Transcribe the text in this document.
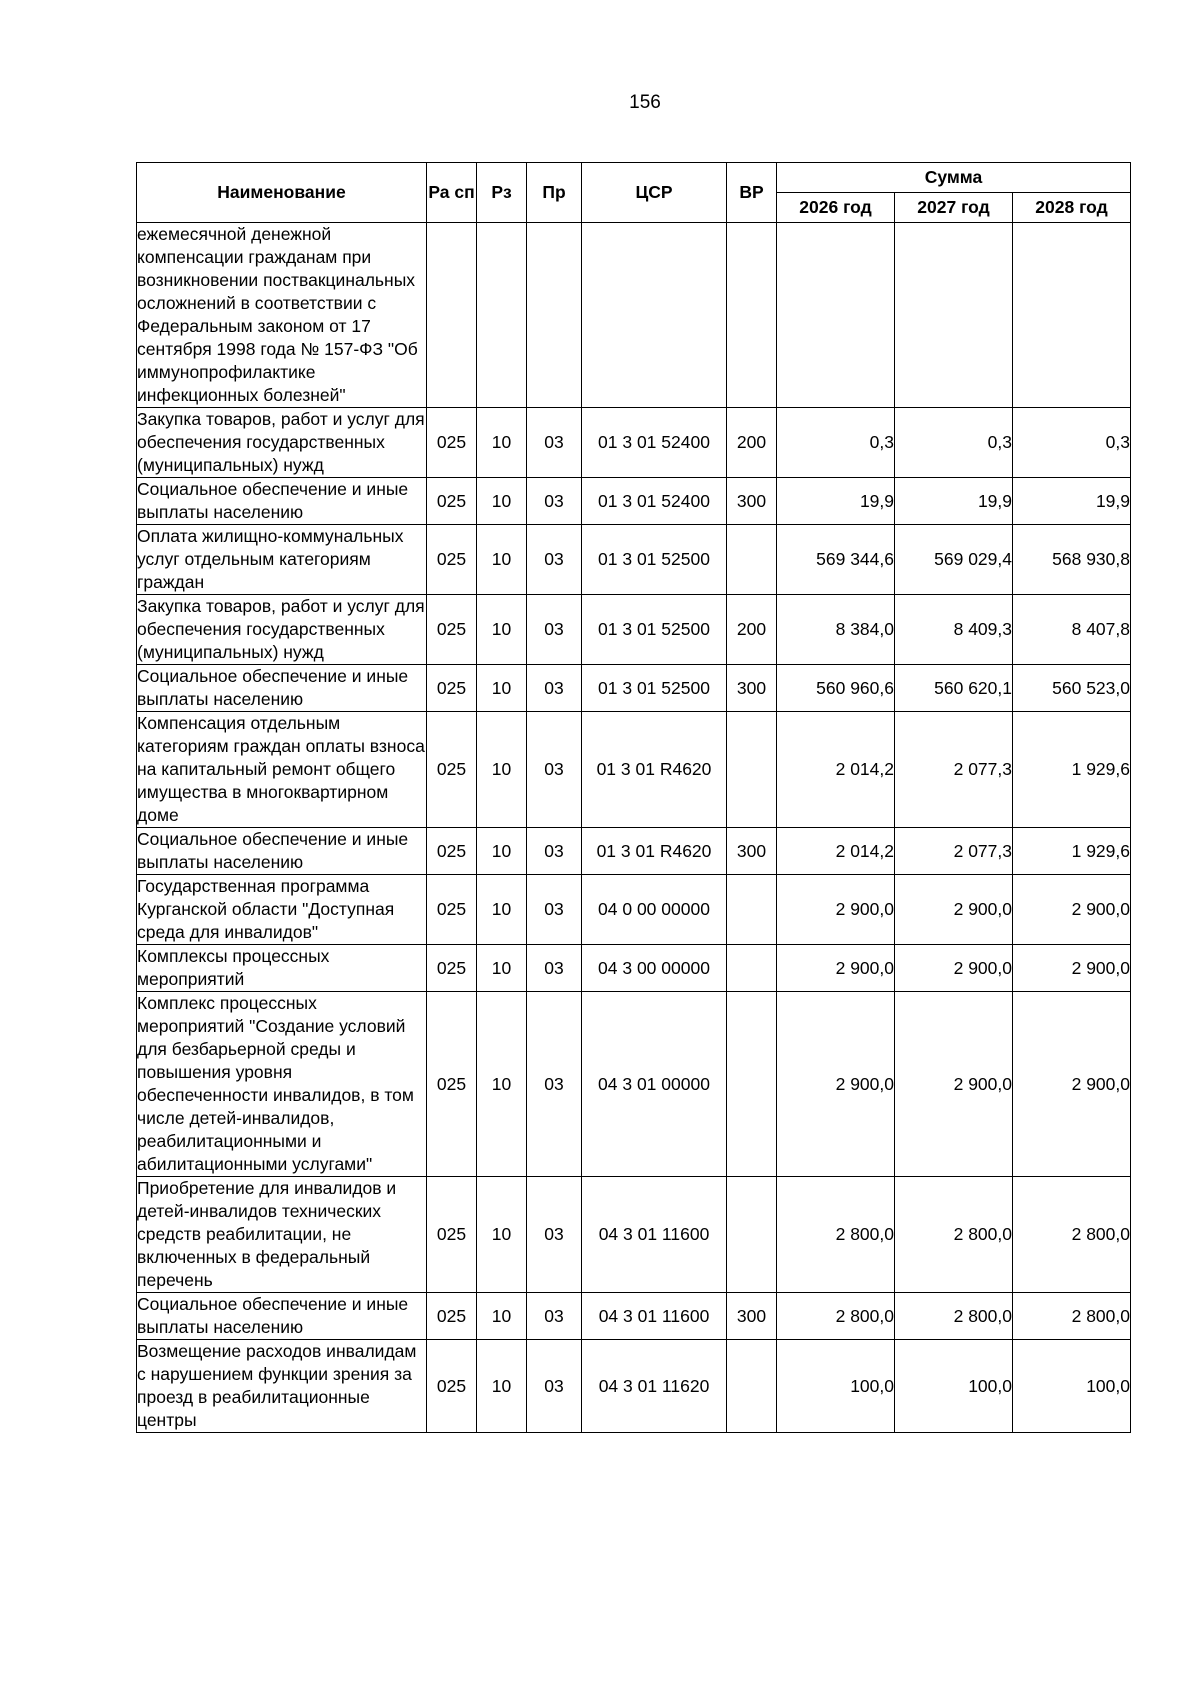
156
Наименование	Ра сп	Рз	Пр	ЦСР	ВР	Сумма		
						2026 год	2027 год	2028 год
ежемесячной денежной компенсации гражданам при возникновении поствакцинальных осложнений в соответствии с Федеральным законом от 17 сентября 1998 года № 157-ФЗ "Об иммунопрофилактике инфекционных болезней"								
Закупка товаров, работ и услуг для обеспечения государственных (муниципальных) нужд	025	10	03	01 3 01 52400	200	0,3	0,3	0,3
Социальное обеспечение и иные выплаты населению	025	10	03	01 3 01 52400	300	19,9	19,9	19,9
Оплата жилищно-коммунальных услуг отдельным категориям граждан	025	10	03	01 3 01 52500		569 344,6	569 029,4	568 930,8
Закупка товаров, работ и услуг для обеспечения государственных (муниципальных) нужд	025	10	03	01 3 01 52500	200	8 384,0	8 409,3	8 407,8
Социальное обеспечение и иные выплаты населению	025	10	03	01 3 01 52500	300	560 960,6	560 620,1	560 523,0
Компенсация отдельным категориям граждан оплаты взноса на капитальный ремонт общего имущества в многоквартирном доме	025	10	03	01 3 01 R4620		2 014,2	2 077,3	1 929,6
Социальное обеспечение и иные выплаты населению	025	10	03	01 3 01 R4620	300	2 014,2	2 077,3	1 929,6
Государственная программа Курганской области "Доступная среда для инвалидов"	025	10	03	04 0 00 00000		2 900,0	2 900,0	2 900,0
Комплексы процессных мероприятий	025	10	03	04 3 00 00000		2 900,0	2 900,0	2 900,0
Комплекс процессных мероприятий "Создание условий для безбарьерной среды и повышения уровня обеспеченности инвалидов, в том числе детей-инвалидов, реабилитационными и абилитационными услугами"	025	10	03	04 3 01 00000		2 900,0	2 900,0	2 900,0
Приобретение для инвалидов и детей-инвалидов технических средств реабилитации, не включенных в федеральный перечень	025	10	03	04 3 01 11600		2 800,0	2 800,0	2 800,0
Социальное обеспечение и иные выплаты населению	025	10	03	04 3 01 11600	300	2 800,0	2 800,0	2 800,0
Возмещение расходов инвалидам с нарушением функции зрения за проезд в реабилитационные центры	025	10	03	04 3 01 11620		100,0	100,0	100,0
